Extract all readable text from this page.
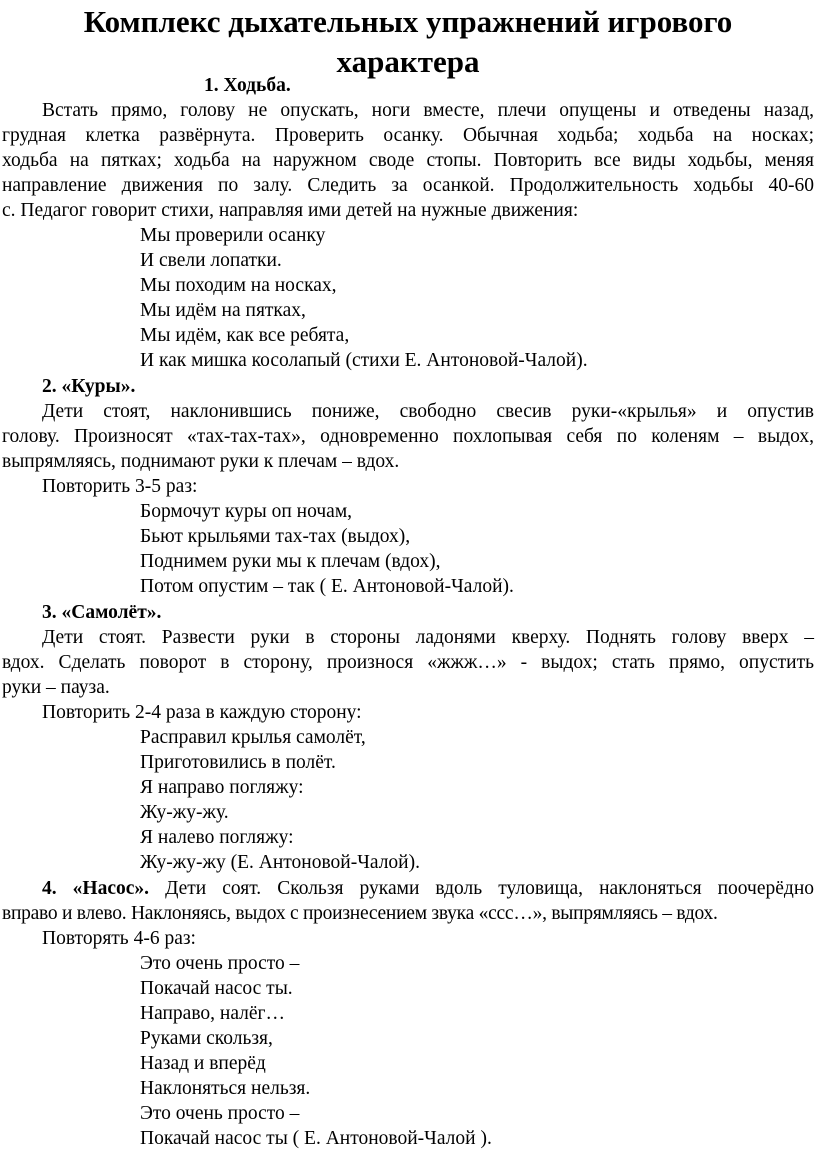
Комплекс дыхательных упражнений игрового
характера
1. Ходьба.
Встать прямо, голову не опускать, ноги вместе, плечи опущены и отведены назад,
грудная клетка развёрнута. Проверить осанку. Обычная ходьба; ходьба на носках;
ходьба на пятках; ходьба на наружном своде стопы. Повторить все виды ходьбы, меняя
направление движения по залу. Следить за осанкой. Продолжительность ходьбы 40-60
с. Педагог говорит стихи, направляя ими детей на нужные движения:
Мы проверили осанку
И свели лопатки.
Мы походим на носках,
Мы идём на пятках,
Мы идём, как все ребята,
И как мишка косолапый (стихи Е. Антоновой-Чалой).
2. «Куры».
Дети стоят, наклонившись пониже, свободно свесив руки-«крылья» и опустив
голову. Произносят «тах-тах-тах», одновременно похлопывая себя по коленям – выдох,
выпрямляясь, поднимают руки к плечам – вдох.
Повторить 3-5 раз:
Бормочут куры оп ночам,
Бьют крыльями тах-тах (выдох),
Поднимем руки мы к плечам (вдох),
Потом опустим – так ( Е. Антоновой-Чалой).
3. «Самолёт».
Дети стоят. Развести руки в стороны ладонями кверху. Поднять голову вверх –
вдох. Сделать поворот в сторону, произнося «жжж…» - выдох; стать прямо, опустить
руки – пауза.
Повторить 2-4 раза в каждую сторону:
Расправил крылья самолёт,
Приготовились в полёт.
Я направо погляжу:
Жу-жу-жу.
Я налево погляжу:
Жу-жу-жу (Е. Антоновой-Чалой).
4. «Насос». Дети соят. Скользя руками вдоль туловища, наклоняться поочерёдно
вправо и влево. Наклоняясь, выдох с произнесением звука «ссс…», выпрямляясь – вдох.
Повторять 4-6 раз:
Это очень просто –
Покачай насос ты.
Направо, налёг…
Руками скользя,
Назад и вперёд
Наклоняться нельзя.
Это очень просто –
Покачай насос ты ( Е. Антоновой-Чалой ).
